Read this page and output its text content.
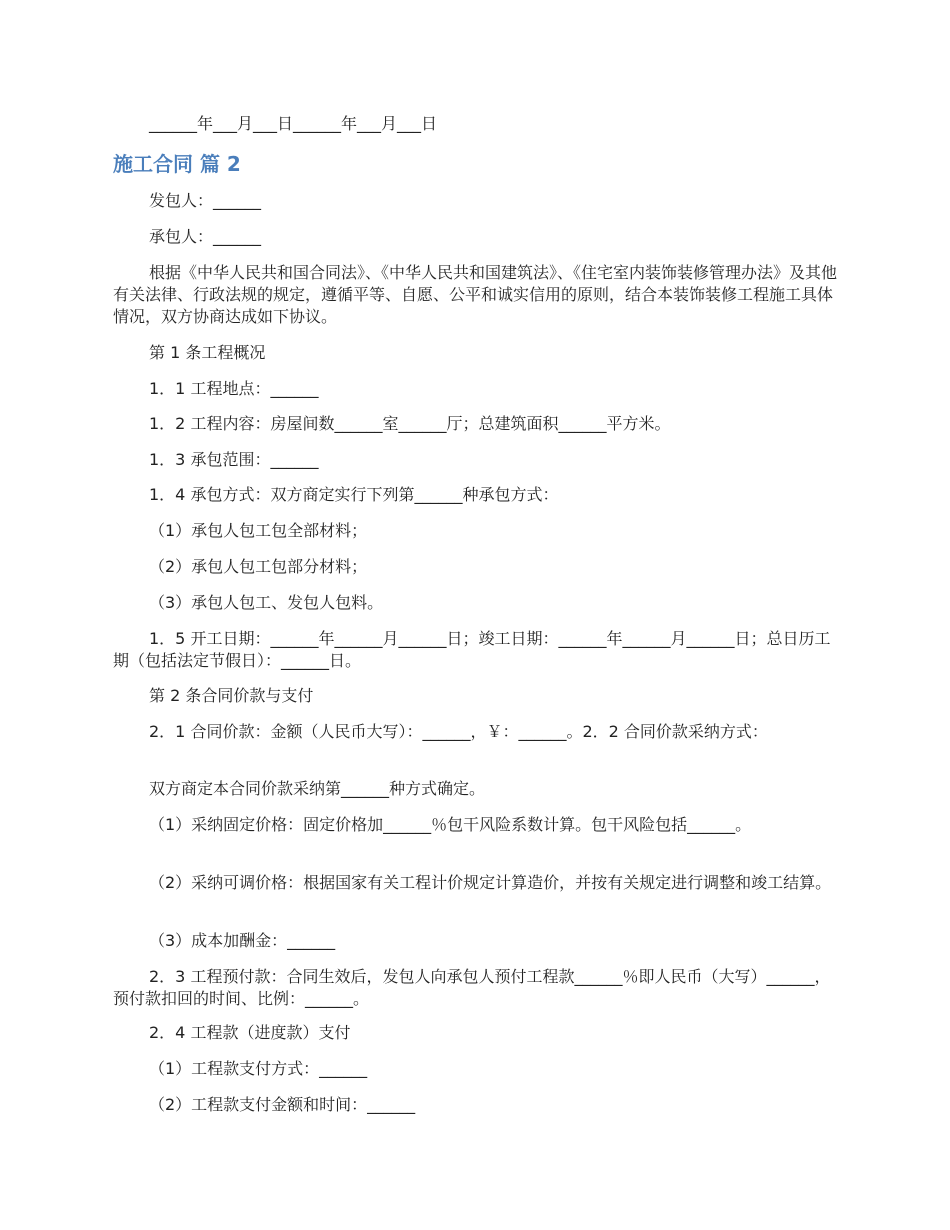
______年___月___日______年___月___日
施工合同 篇 2
发包人：______
承包人：______
根据《中华人民共和国合同法》、《中华人民共和国建筑法》、《住宅室内装饰装修管理办法》及其他有关法律、行政法规的规定，遵循平等、自愿、公平和诚实信用的原则，结合本装饰装修工程施工具体情况，双方协商达成如下协议。
第 1 条工程概况
1．1 工程地点：______
1．2 工程内容：房屋间数______室______厅；总建筑面积______平方米。
1．3 承包范围：______
1．4 承包方式：双方商定实行下列第______种承包方式：
（1）承包人包工包全部材料；
（2）承包人包工包部分材料；
（3）承包人包工、发包人包料。
1．5 开工日期：______年______月______日；竣工日期：______年______月______日；总日历工期（包括法定节假日）：______日。
第 2 条合同价款与支付
2．1 合同价款：金额（人民币大写）：______，￥：______。2．2 合同价款采纳方式：
双方商定本合同价款采纳第______种方式确定。
（1）采纳固定价格：固定价格加______％包干风险系数计算。包干风险包括______。
（2）采纳可调价格：根据国家有关工程计价规定计算造价，并按有关规定进行调整和竣工结算。
（3）成本加酬金：______
2．3 工程预付款：合同生效后，发包人向承包人预付工程款______％即人民币（大写）______，预付款扣回的时间、比例：______。
2．4 工程款（进度款）支付
（1）工程款支付方式：______
（2）工程款支付金额和时间：______
